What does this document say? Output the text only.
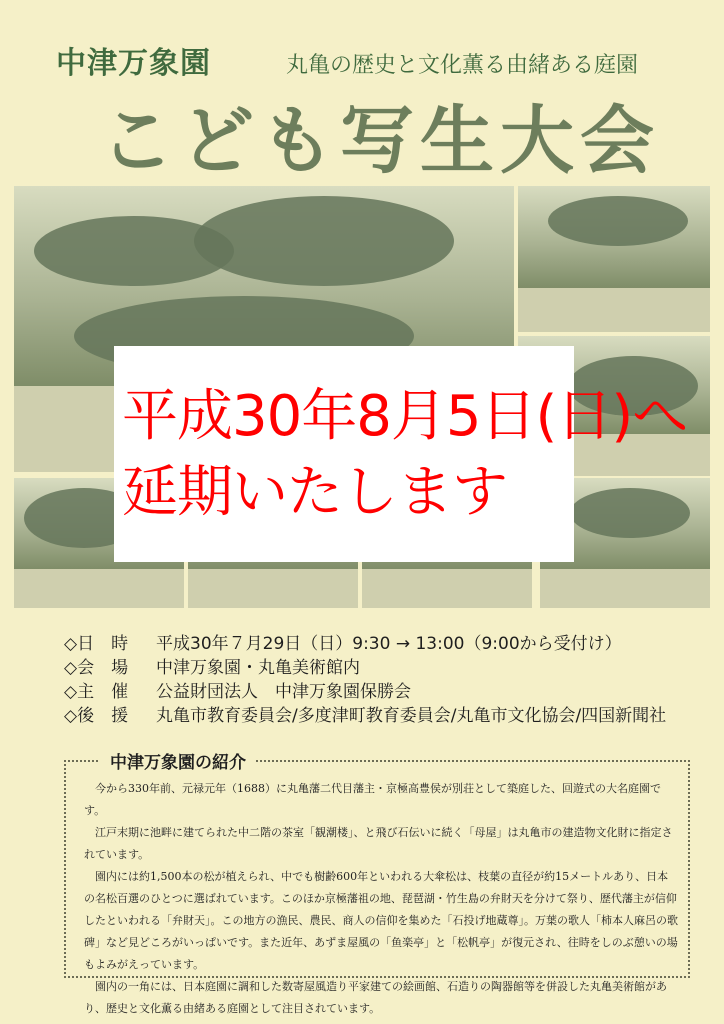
中津万象園	丸亀の歴史と文化薫る由緒ある庭園
こども写生大会
平成30年8月5日(日)へ
延期いたします
◇日　時	平成30年７月29日（日）9:30 → 13:00（9:00から受付け）
◇会　場	中津万象園・丸亀美術館内
◇主　催	公益財団法人　中津万象園保勝会
◇後　援	丸亀市教育委員会/多度津町教育委員会/丸亀市文化協会/四国新聞社
中津万象園の紹介

今から330年前、元禄元年（1688）に丸亀藩二代目藩主・京極高豊侯が別荘として築庭した、回遊式の大名庭園です。

江戸末期に池畔に建てられた中二階の茶室「観潮楼」、と飛び石伝いに続く「母屋」は丸亀市の建造物文化財に指定されています。

園内には約1,500本の松が植えられ、中でも樹齢600年といわれる大傘松は、枝葉の直径が約15メートルあり、日本の名松百選のひとつに選ばれています。このほか京極藩祖の地、琵琶湖・竹生島の弁財天を分けて祭り、歴代藩主が信仰したといわれる「弁財天」。この地方の漁民、農民、商人の信仰を集めた「石投げ地蔵尊」。万葉の歌人「柿本人麻呂の歌碑」など見どころがいっぱいです。また近年、あずま屋風の「鱼楽亭」と「松帆亭」が復元され、往時をしのぶ憩いの場もよみがえっています。

園内の一角には、日本庭園に調和した数寄屋風造り平家建ての絵画館、石造りの陶器館等を併設した丸亀美術館があり、歴史と文化薫る由緒ある庭園として注目されています。
